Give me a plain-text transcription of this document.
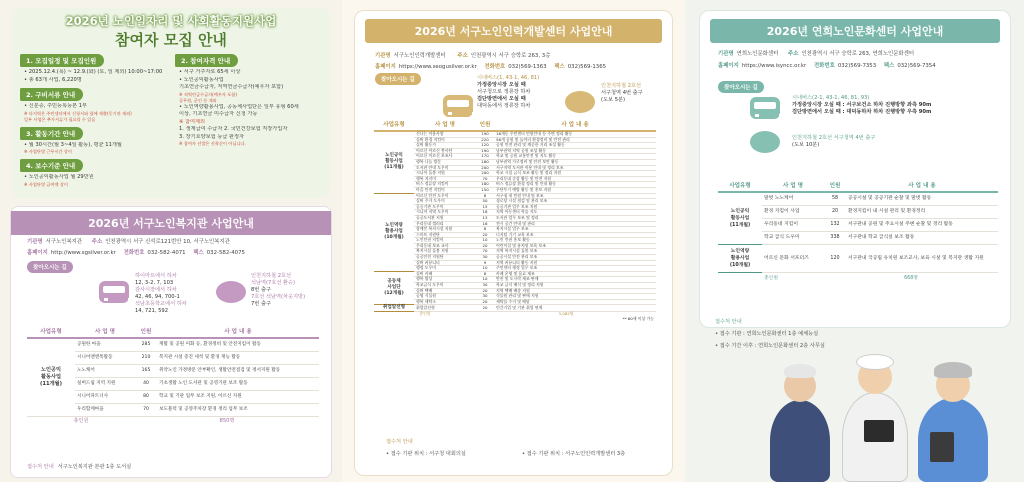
2026년 노인일자리 및 사회활동지원사업
참여자 모집 안내
1. 모집일정 및 모집인원
• 2025.12.4.(목) ~ 12.9.(화) (토, 일 제외) 10:00~17:00
• 총 63개 사업, 6,220명
2. 구비서류 안내
• 신분증, 주민등록등본 1부
※ 타지역은 주민센터에서 신청서와 함께 제출(동기관 제외)
일부 사업은 추가서류가 필요할 수 있음
3. 활동기간 안내
• 월 30시간(월 3~4일 활동), 평균 11개월
※ 사업단별 근무시간 상이
4. 보수기준 안내
• 노인공익활동사업 월 29만원
※ 사업단별 급여액 상이
2. 참여자격 안내
• 서구 거주자로 65세 이상
• 노인공익활동사업
기초연금수급자, 직역연금수급자(예우자 포함)
※ 직역연금수급자(예우자 포함)
공무원, 군인 등 제외
• 노인역량활용사업, 공동체사업단은 일부 유형 60세
이상, 기초연금 미수급자 신청 가능
※ 참여제외
1. 생계급여 수급자 2. 국민건강보험 직장가입자
3. 장기요양보험 등급 판정자
※ 참여자 선발은 선착순이 아닙니다.
2026년 서구노인복지관 사업안내
기관명 서구노인복지관 주소 인천광역시 서구 신석로121번안 10, 서구노인복지관
홈페이지 http://www.sgsilver.or.kr 전화번호 032-582-4071 팩스 032-582-4075
찾아오시는 길
하이마트에서 하차
12, 3-2, 7, 103
감사시장에서 하차
42, 46, 94, 700-1
석남초등학교에서 하차
14, 721, 592
인천지하철 2호선
석남역(7호선 환승)
8번 출구
7호선 석남역(차웃지방)
7번 출구
사업유형	사 업 명	인원	사 업 내 용
노인공익
활동사업
(11개월)	공원한 마을	285	재활 및 공원 미화 등, 환경정비 및 안전지킴이 활동
	시니어맨앤톡활동	210	복지관 시설 증진 세척 및 환경 재능 활동
	노노케어	165	취약노인 가정방문 안부확인, 생활안전점검 및 정서지원 활동
	실버드림 지역 지원	40	기초생활 노인 도서관 및 공영기관 보조 활동
	시니어파트너사	80	학교 및 기관 업무 보조 지원, 어르신 지원
	우리함께마을	70	보도블럭 및 공영주차장 환경 정리 업무 보조
총인원		850명	
접수처 안내 서구노인복지관 본관 1층 도서실
2026년 서구노인인력개발센터 사업안내
기관명 서구노인인력개발센터 주소 인천광역시 서구 승학로 263, 3층
홈페이지 https://www.seogusilver.or.kr 전화번호 032)569-1363 팩스 032)569-1365
찾아오시는 길	시내버스(1, 43-1, 46, 81)
가정중앙시장 오실 때
서구청으로 정류장 하차
검단방면에서 오실 때
대덕동에서 정류장 하차
인천지하철 2호선
서구청역 4번 출구
(도보 5분)
사업유형	사 업 명	인원	사 업 내 용
노인공익
활동사업
(11개월)	신나는 이웃사랑	190	16개동 주민센터 민원안내 등 주변 정리 활동
	실버 환경 지킴이	220	56개 공원 및 놀이터 환경정비 및 안전 관리
	실버 활동가	120	공원 안전 관리 및 깨끗한 거리 조성 활동
	어르신 어르신 봉사단	190	남부권역 지역 공원 조성 활동
	어르신 어르신 보조사	170	학교 및 공원 교통안전 및 지도 활동
	행복 나눔 방문	180	남부권역 가로정비 및 안전 보안 활동
	도서관 안내 도우미	200	서구지역 도서관 이용 안내 및 정리 보조
	시니어 돌봄 지원	200	학교 시설 급식 보조 활동 및 정리 지원
	행복 지키미	70	우리동네 순찰 활동 및 안전 지원
	버스 정류장 지킴이	180	버스 정류장 환경 정리 및 안내 활동
	마을 안전 지킴이	150	무단투기 예방 활동 및 홍보 지원
노인역량
활용사업
(10개월)	어르신 안전 도우미	8	서구청 내 민원 안내 및 보조
	실버 주거 도우미	50	경로당 시설 점검 및 관리 보조
	공공기관 도우미	15	공공기관 업무 보조 지원
	시니어 지역 도우미	18	지역 아동센터 학습 지도
	공공도서관 지원	13	도서관 업무 보조 및 정리
	우리동네 갤러리	16	전시 공간 안내 및 관리
	장애인 복지시설 지원	8	복지시설 업무 보조
	스마트 지원단	20	디지털 기기 교육 보조
	노인인권 지킴이	10	노인 인권 홍보 활동
	우리동네 보조 교사	20	어린이집 및 유치원 보육 보조
	복지시설 돌봄 지원	70	지역 복지시설 돌봄 보조
	공공안전 지원단	30	공공시설 안전 관리 보조
	실버 커뮤니티	9	지역 커뮤니티 활동 지원
	행정 도우미	10	주민센터 행정 업무 보조
공동체
사업단
(12개월)	실버 카페	8	카페 운영 및 음료 제조
	행복 밥상	10	반찬 및 도시락 제조 판매
	학교급식 도우미	30	학교 급식 배식 및 정리 지원
	실버 택배	20	지역 택배 배송 지원
	공영 식물원	30	식물원 관리 및 판매 지원
	행복 세탁소	20	세탁물 수거 및 배달
취업알선형	취업알선형	20	민간기업 및 기관 취업 연계
총인원		3,085명	
** 60세 이상 가능			
접수처 안내
• 접수 기관 위치 : 서구청 대회의실	• 접수 기관 위치 : 서구노인인력개발센터 3층
2026년 연희노인문화센터 사업안내
기관명 연희노인문화센터 주소 인천광역시 서구 승학로 263, 연희노인문화센터
홈페이지 https://www.isyncc.or.kr 전화번호 032)569-7353 팩스 032)569-7354
찾아오시는 길
시내버스(2-1, 43-1, 46, 81, 93)
가정중앙시장 오실 때 : 서구보건소 하차 진행방향 좌측 90m
검단방면에서 오실 때 : 대덕동하차 하차 진행방향 우측 90m
인천지하철 2호선 서구청역 4번 출구
(도보 10분)
사업유형	사 업 명	인원	사 업 내 용
노인공익
활동사업
(11개월)	말벗 노노케어	58	공공시설 및 공공기관 순찰 및 말벗 활동
	환경 지킴이 사업	20	환경지킴이 내 시설 관리 및 환경정리
	우리동네 지킴이	132	서구관내 공원 및 주요시설 주변 순찰 및 정리 활동
	학교 급식 도우미	338	서구관내 학교 급식실 보조 활동
노인역량
활용사업
(10개월)	어르신 문화 서포터즈	120	서구관내 국공립 유치원 보조교사, 보육 시설 및 복지관 생활 지원
총인원		668명	
접수처 안내
• 접수 기관 : 연희노인문화센터 1층 예체능실
• 접수 기간 이후 : 연희노인문화센터 2층 사무실
